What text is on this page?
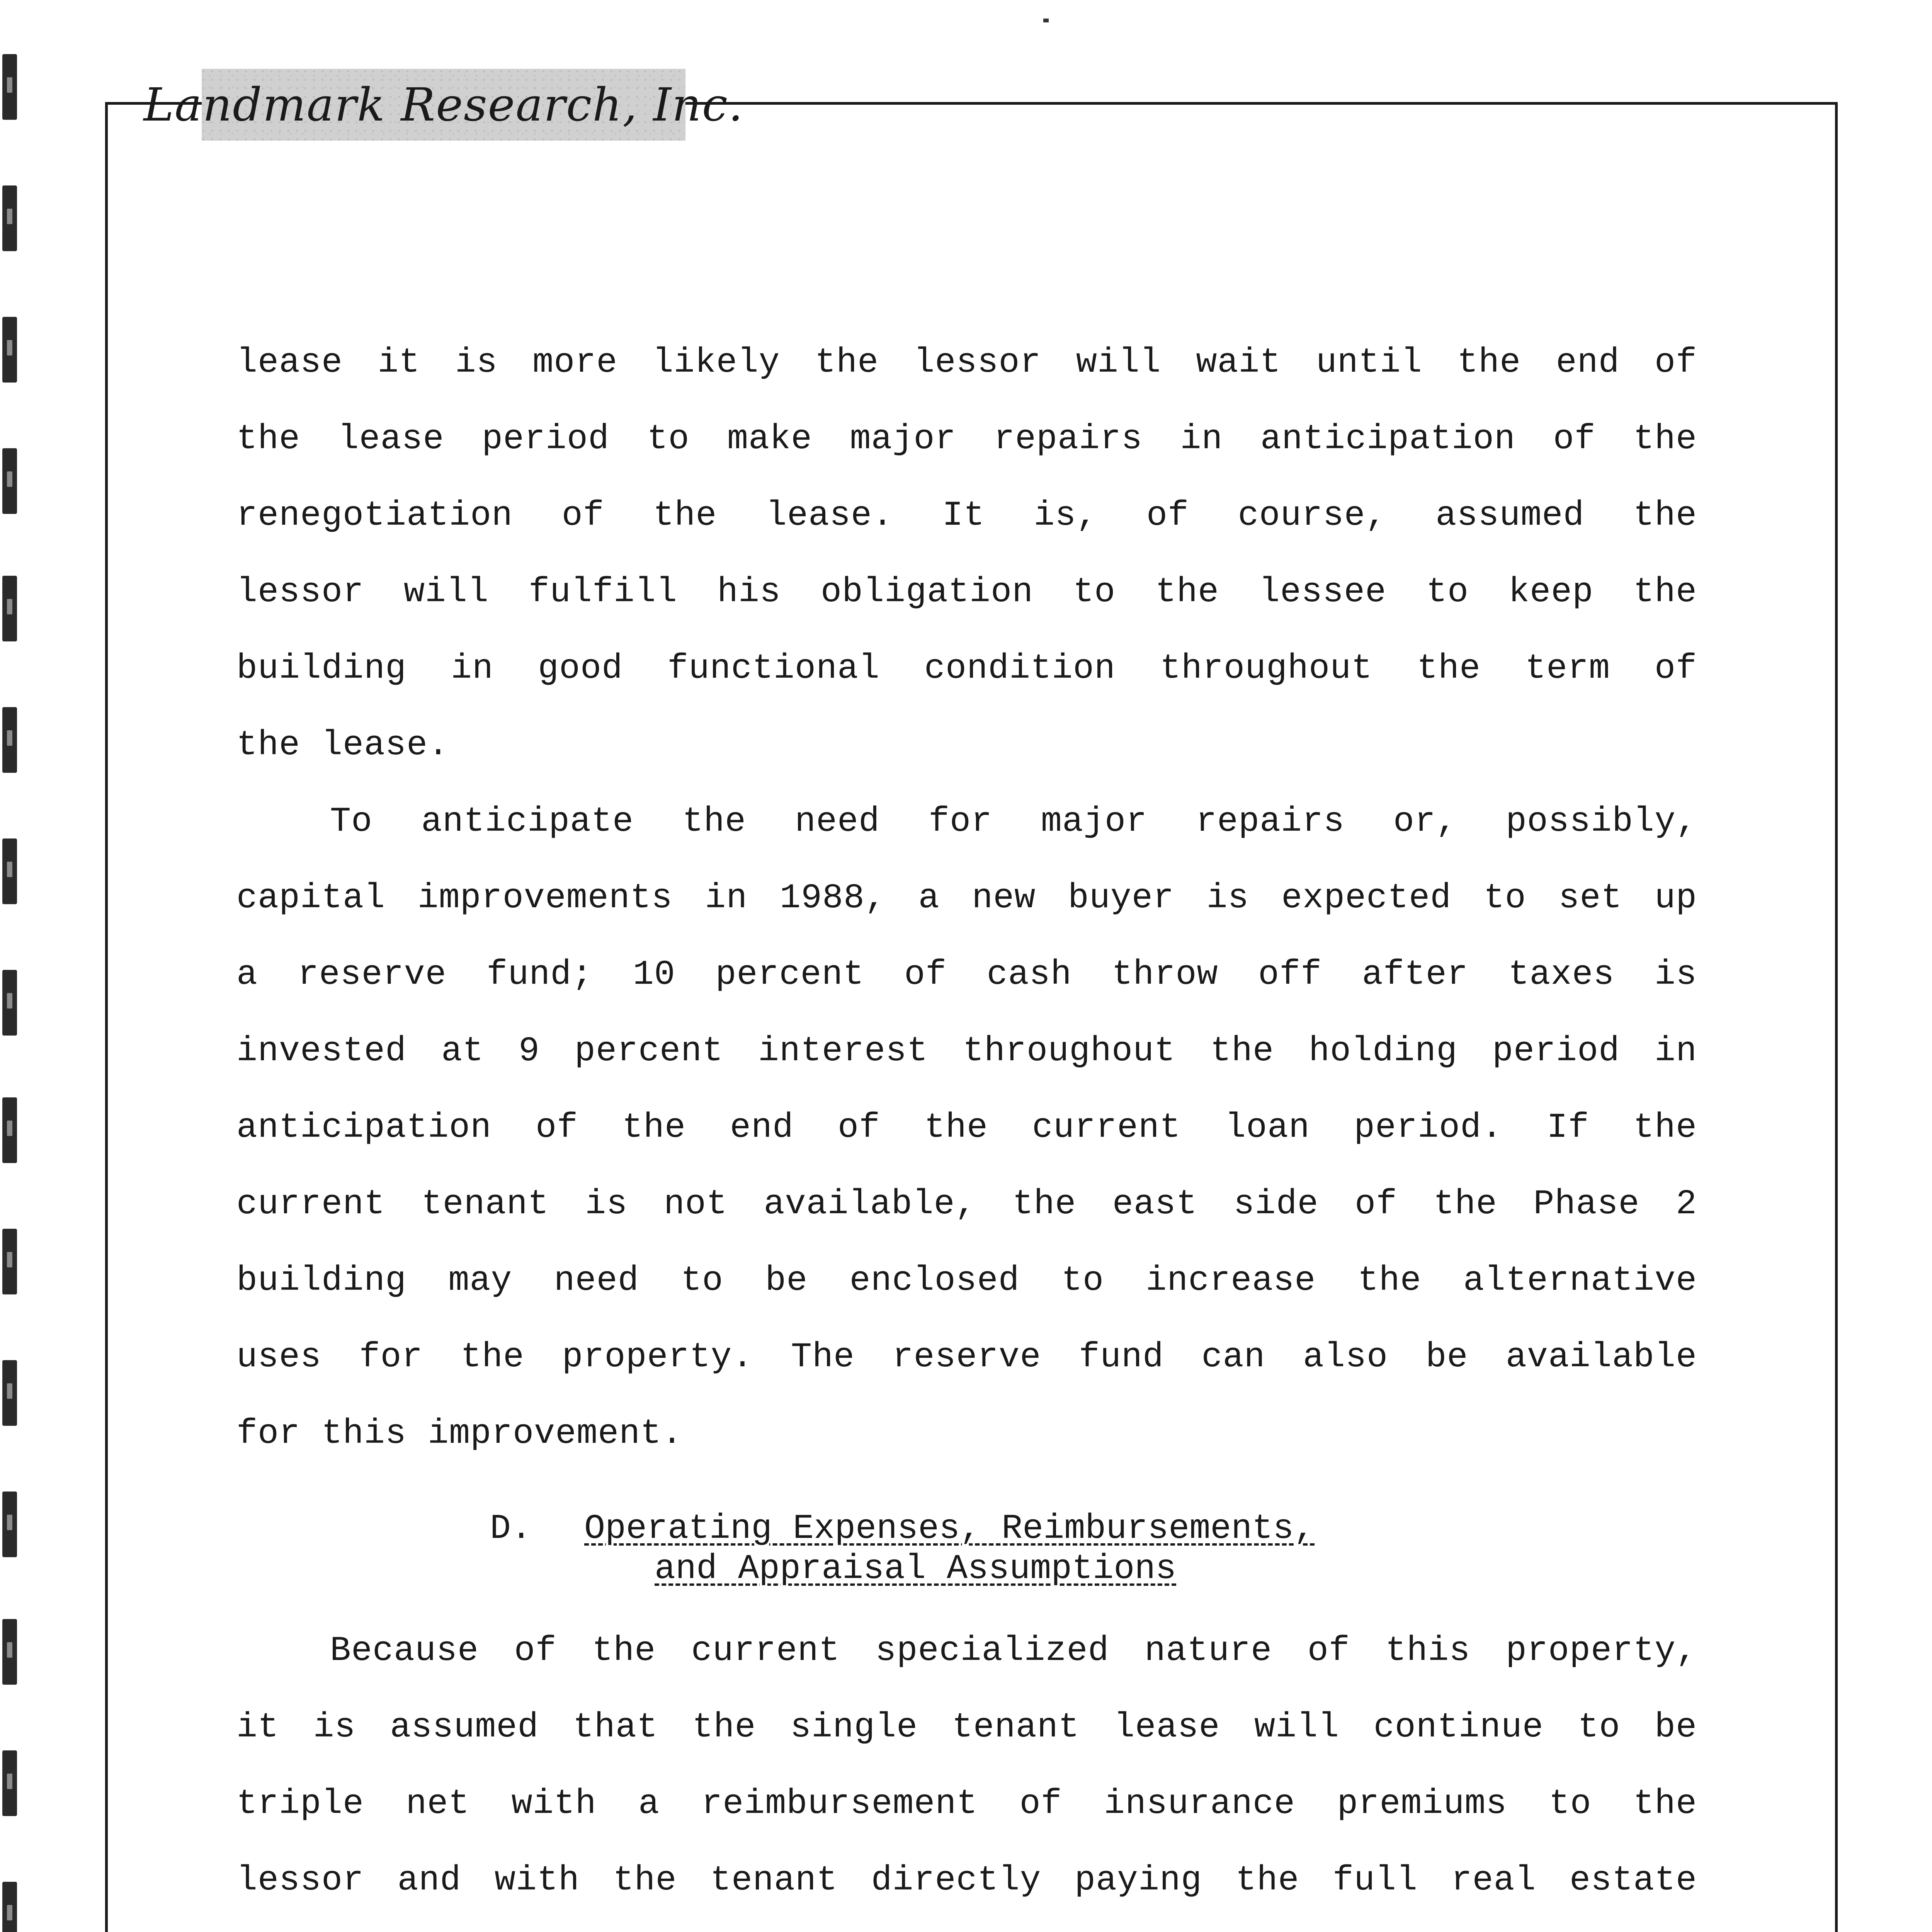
Landmark Research, Inc.
lease it is more likely the lessor will wait until the end of
the lease period to make major repairs in anticipation of the
renegotiation of the lease. It is, of course, assumed the
lessor will fulfill his obligation to the lessee to keep the
building in good functional condition throughout the term of
the lease.
To anticipate the need for major repairs or, possibly,
capital improvements in 1988, a new buyer is expected to set up
a reserve fund; 10 percent of cash throw off after taxes is
invested at 9 percent interest throughout the holding period in
anticipation of the end of the current loan period. If the
current tenant is not available, the east side of the Phase 2
building may need to be enclosed to increase the alternative
uses for the property. The reserve fund can also be available
for this improvement.
D. Operating Expenses, Reimbursements,
and Appraisal Assumptions
Because of the current specialized nature of this property,
it is assumed that the single tenant lease will continue to be
triple net with a reimbursement of insurance premiums to the
lessor and with the tenant directly paying the full real estate
